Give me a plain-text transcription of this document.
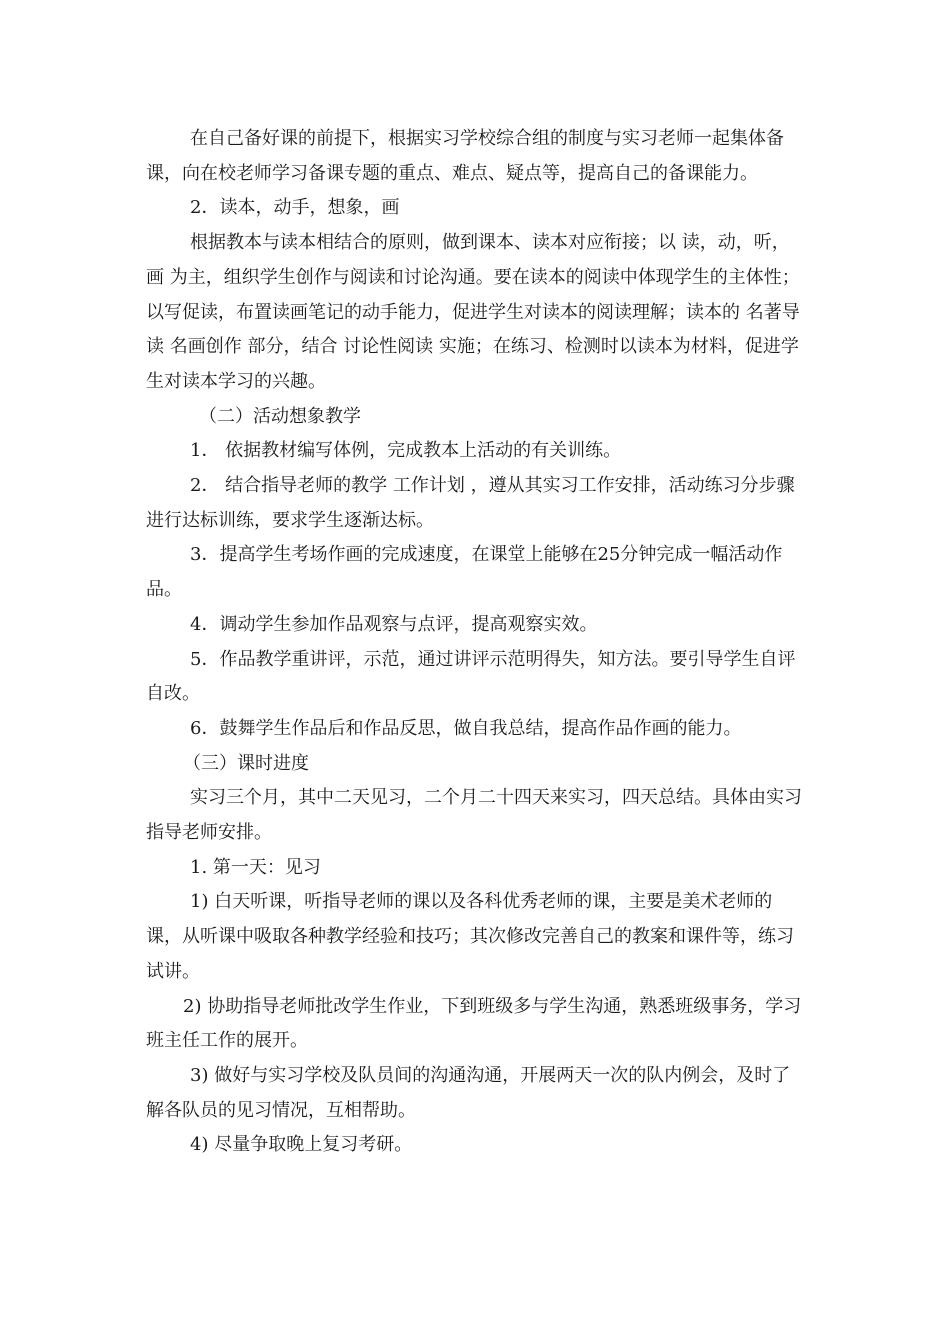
在自己备好课的前提下，根据实习学校综合组的制度与实习老师一起集体备课，向在校老师学习备课专题的重点、难点、疑点等，提高自己的备课能力。

2．读本，动手，想象，画

根据教本与读本相结合的原则，做到课本、读本对应衔接；以 读，动，听，画 为主，组织学生创作与阅读和讨论沟通。要在读本的阅读中体现学生的主体性；以写促读，布置读画笔记的动手能力，促进学生对读本的阅读理解；读本的 名著导读 名画创作 部分，结合 讨论性阅读 实施；在练习、检测时以读本为材料，促进学生对读本学习的兴趣。

（二）活动想象教学

1． 依据教材编写体例，完成教本上活动的有关训练。

2． 结合指导老师的教学 工作计划 ，遵从其实习工作安排，活动练习分步骤进行达标训练，要求学生逐渐达标。

3．提高学生考场作画的完成速度，在课堂上能够在25分钟完成一幅活动作品。

4．调动学生参加作品观察与点评，提高观察实效。

5．作品教学重讲评，示范，通过讲评示范明得失，知方法。要引导学生自评自改。

6．鼓舞学生作品后和作品反思，做自我总结，提高作品作画的能力。

（三）课时进度

实习三个月，其中二天见习，二个月二十四天来实习，四天总结。具体由实习指导老师安排。

1. 第一天：见习

1) 白天听课，听指导老师的课以及各科优秀老师的课，主要是美术老师的课，从听课中吸取各种教学经验和技巧；其次修改完善自己的教案和课件等，练习试讲。

2) 协助指导老师批改学生作业，下到班级多与学生沟通，熟悉班级事务，学习班主任工作的展开。

3) 做好与实习学校及队员间的沟通沟通，开展两天一次的队内例会，及时了解各队员的见习情况，互相帮助。

4) 尽量争取晚上复习考研。
